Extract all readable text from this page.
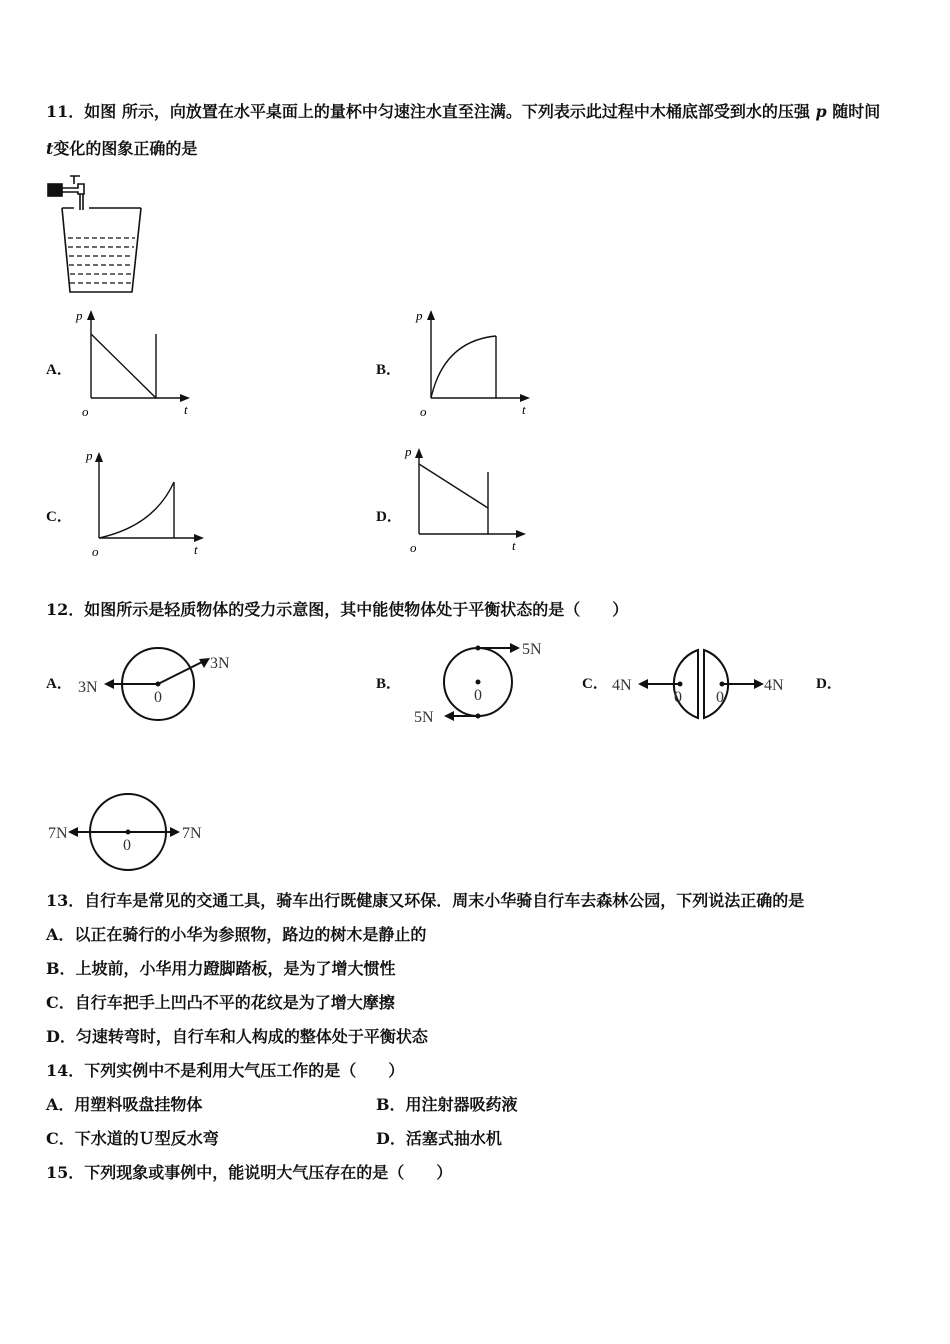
11．如图 所示，向放置在水平桌面上的量杯中匀速注水直至注满。下列表示此过程中木桶底部受到水的压强 p 随时间
t变化的图象正确的是
A．
p
o	t
B．
p
o	t
C．
p
o	t
D．
p
o	t
12．如图所示是轻质物体的受力示意图，其中能使物体处于平衡状态的是（　　）
A． 3N
3N
0
B．
5N
5N
0
C． 4N	4N
0 0
D．
7N	7N
0
13．自行车是常见的交通工具，骑车出行既健康又环保．周末小华骑自行车去森林公园，下列说法正确的是
A．以正在骑行的小华为参照物，路边的树木是静止的
B．上坡前，小华用力蹬脚踏板，是为了增大惯性
C．自行车把手上凹凸不平的花纹是为了增大摩擦
D．匀速转弯时，自行车和人构成的整体处于平衡状态
14．下列实例中不是利用大气压工作的是（　　）
A．用塑料吸盘挂物体	B．用注射器吸药液
C．下水道的Ｕ型反水弯	D．活塞式抽水机
15．下列现象或事例中，能说明大气压存在的是（　　）
